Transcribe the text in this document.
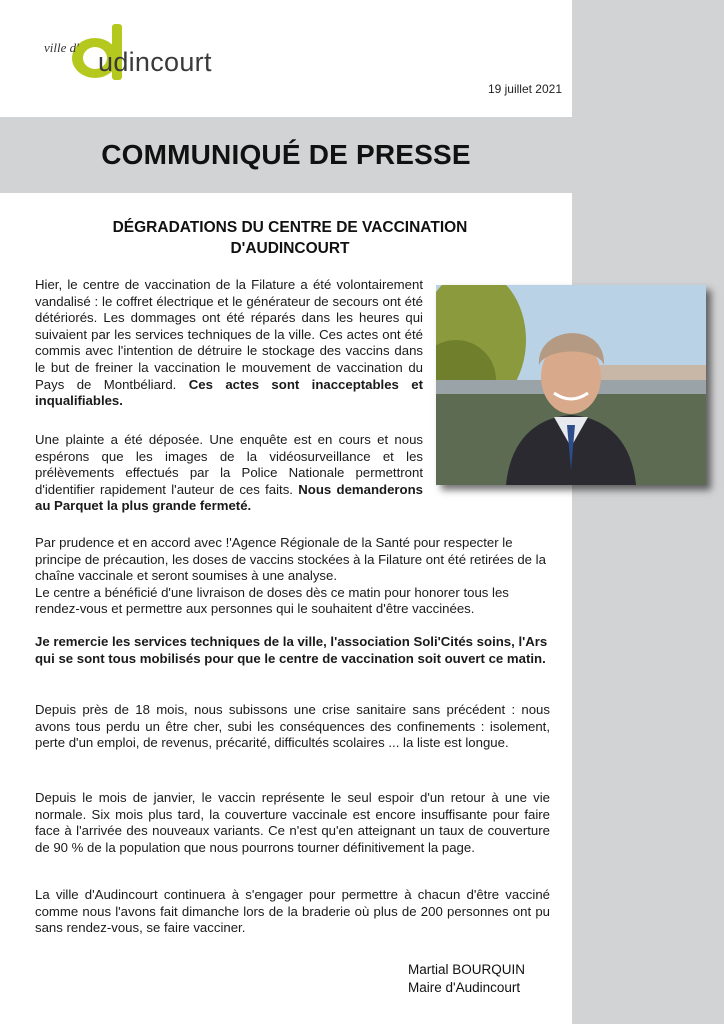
ville d' udincourt
19 juillet 2021
COMMUNIQUÉ DE PRESSE
DÉGRADATIONS DU CENTRE DE VACCINATION
D'AUDINCOURT

Hier, le centre de vaccination de la Filature a été volontairement vandalisé : le coffret électrique et le générateur de secours ont été détériorés. Les dommages ont été réparés dans les heures qui suivaient par les services techniques de la ville. Ces actes ont été commis avec l'intention de détruire le stockage des vaccins dans le but de freiner la vaccination le mouvement de vaccination du Pays de Montbéliard. Ces actes sont inacceptables et inqualifiables.

Une plainte a été déposée. Une enquête est en cours et nous espérons que les images de la vidéosurveillance et les prélèvements effectués par la Police Nationale permettront d'identifier rapidement l'auteur de ces faits. Nous demanderons au Parquet la plus grande fermeté.

Par prudence et en accord avec !'Agence Régionale de la Santé pour respecter le principe de précaution, les doses de vaccins stockées à la Filature ont été retirées de la chaîne vaccinale et seront soumises à une analyse.
Le centre a bénéficié d'une livraison de doses dès ce matin pour honorer tous les rendez-vous et permettre aux personnes qui le souhaitent d'être vaccinées.

Je remercie les services techniques de la ville, l'association Soli'Cités soins, l'Ars qui se sont tous mobilisés pour que le centre de vaccination soit ouvert ce matin.

Depuis près de 18 mois, nous subissons une crise sanitaire sans précédent : nous avons tous perdu un être cher, subi les conséquences des confinements : isolement, perte d'un emploi, de revenus, précarité, difficultés scolaires ... la liste est longue.

Depuis le mois de janvier, le vaccin représente le seul espoir d'un retour à une vie normale. Six mois plus tard, la couverture vaccinale est encore insuffisante pour faire face à l'arrivée des nouveaux variants. Ce n'est qu'en atteignant un taux de couverture de 90 % de la population que nous pourrons tourner définitivement la page.

La ville d'Audincourt continuera à s'engager pour permettre à chacun d'être vacciné comme nous l'avons fait dimanche lors de la braderie où plus de 200 personnes ont pu sans rendez-vous, se faire vacciner.

Martial BOURQUIN
Maire d'Audincourt
